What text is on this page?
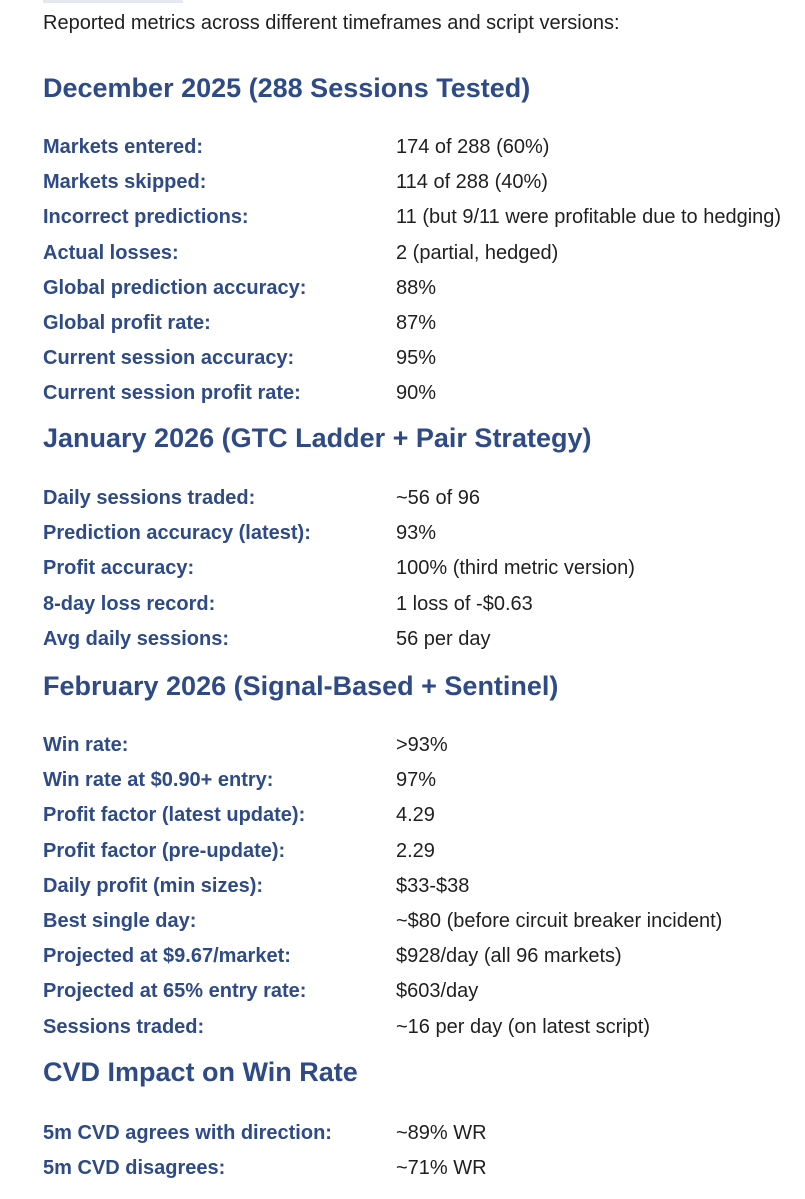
Reported metrics across different timeframes and script versions:
December 2025 (288 Sessions Tested)
Markets entered:	174 of 288 (60%)
Markets skipped:	114 of 288 (40%)
Incorrect predictions:	11 (but 9/11 were profitable due to hedging)
Actual losses:	2 (partial, hedged)
Global prediction accuracy:	88%
Global profit rate:	87%
Current session accuracy:	95%
Current session profit rate:	90%
January 2026 (GTC Ladder + Pair Strategy)
Daily sessions traded:	~56 of 96
Prediction accuracy (latest):	93%
Profit accuracy:	100% (third metric version)
8-day loss record:	1 loss of -$0.63
Avg daily sessions:	56 per day
February 2026 (Signal-Based + Sentinel)
Win rate:	>93%
Win rate at $0.90+ entry:	97%
Profit factor (latest update):	4.29
Profit factor (pre-update):	2.29
Daily profit (min sizes):	$33-$38
Best single day:	~$80 (before circuit breaker incident)
Projected at $9.67/market:	$928/day (all 96 markets)
Projected at 65% entry rate:	$603/day
Sessions traded:	~16 per day (on latest script)
CVD Impact on Win Rate
5m CVD agrees with direction:	~89% WR
5m CVD disagrees:	~71% WR
